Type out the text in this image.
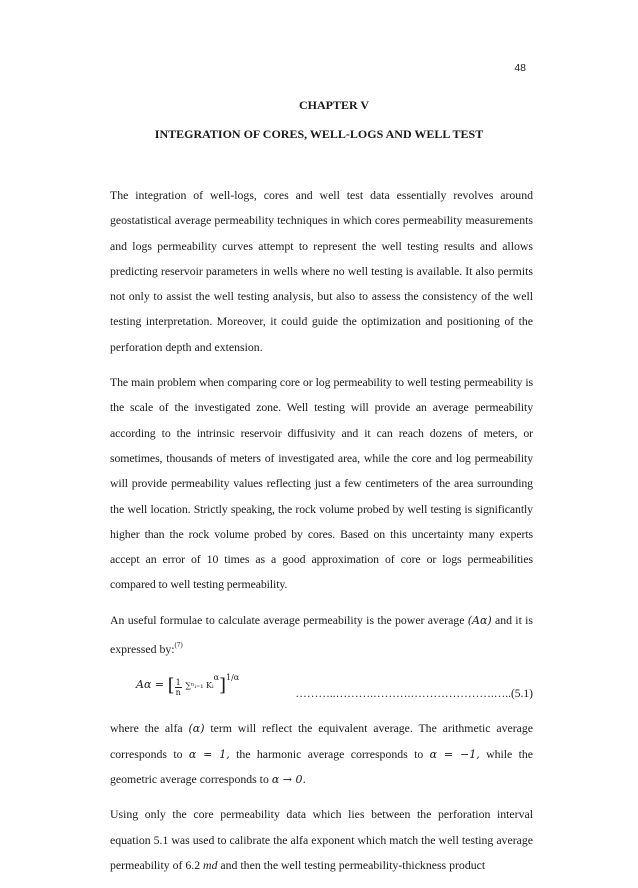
48
CHAPTER V
INTEGRATION OF CORES, WELL-LOGS AND WELL TEST

The integration of well-logs, cores and well test data essentially revolves around geostatistical average permeability techniques in which cores permeability measurements and logs permeability curves attempt to represent the well testing results and allows predicting reservoir parameters in wells where no well testing is available. It also permits not only to assist the well testing analysis, but also to assess the consistency of the well testing interpretation. Moreover, it could guide the optimization and positioning of the perforation depth and extension.

The main problem when comparing core or log permeability to well testing permeability is the scale of the investigated zone. Well testing will provide an average permeability according to the intrinsic reservoir diffusivity and it can reach dozens of meters, or sometimes, thousands of meters of investigated area, while the core and log permeability will provide permeability values reflecting just a few centimeters of the area surrounding the well location. Strictly speaking, the rock volume probed by well testing is significantly higher than the rock volume probed by cores. Based on this uncertainty many experts accept an error of 10 times as a good approximation of core or logs permeabilities compared to well testing permeability.

An useful formulae to calculate average permeability is the power average (Aα) and it is expressed by:$^{(7)}$

Aα = [ $\frac{1}{n}$ ∑ⁿᵢ₌₁ Kᵢ$^\alpha$]$^{1/\alpha}$
………..……….……….………………….…..(5.1)

where the alfa (α) term will reflect the equivalent average. The arithmetic average corresponds to α = 1, the harmonic average corresponds to α = −1, while the geometric average corresponds to α → 0.

Using only the core permeability data which lies between the perforation interval equation 5.1 was used to calibrate the alfa exponent which match the well testing average permeability of 6.2 md and then the well testing permeability-thickness product
